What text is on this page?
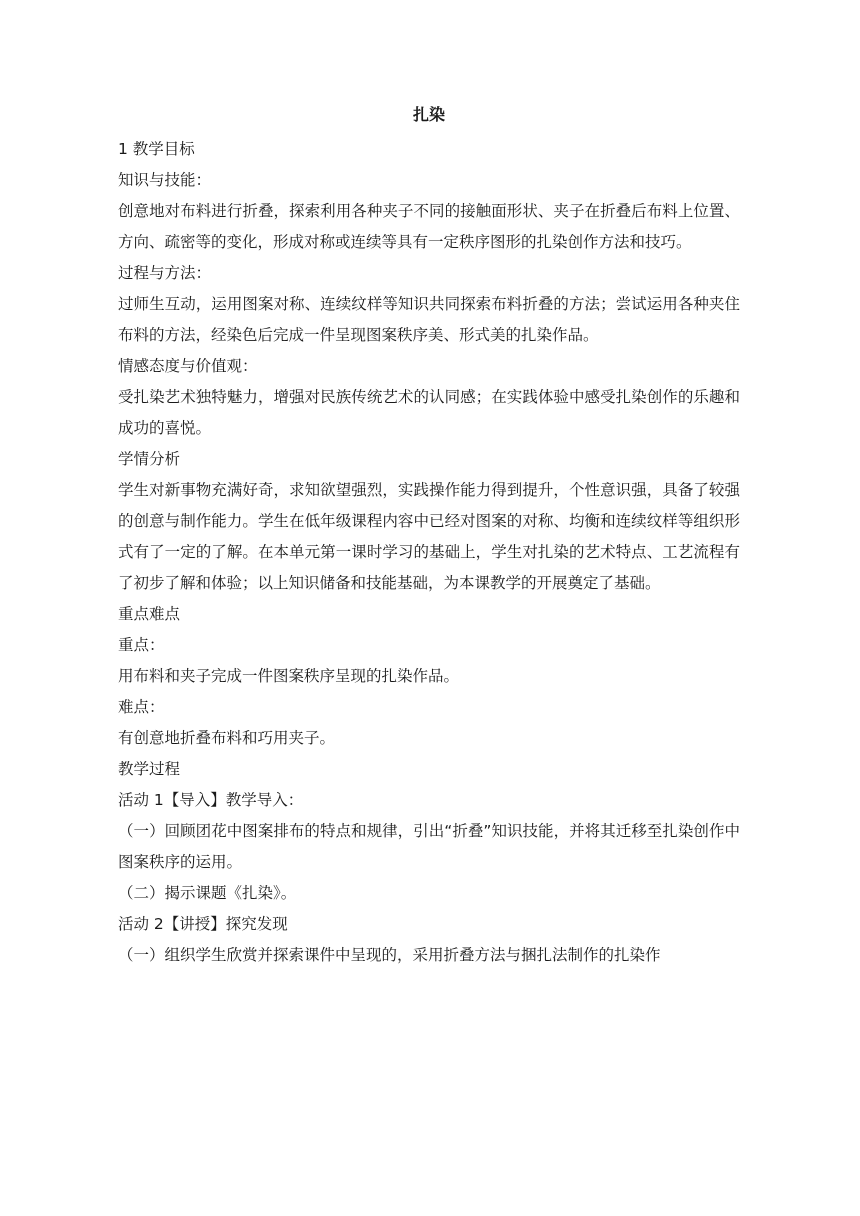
扎染

1 教学目标

知识与技能：

创意地对布料进行折叠，探索利用各种夹子不同的接触面形状、夹子在折叠后布料上位置、方向、疏密等的变化，形成对称或连续等具有一定秩序图形的扎染创作方法和技巧。

过程与方法：

过师生互动，运用图案对称、连续纹样等知识共同探索布料折叠的方法；尝试运用各种夹住布料的方法，经染色后完成一件呈现图案秩序美、形式美的扎染作品。

情感态度与价值观：

受扎染艺术独特魅力，增强对民族传统艺术的认同感；在实践体验中感受扎染创作的乐趣和成功的喜悦。

学情分析

学生对新事物充满好奇，求知欲望强烈，实践操作能力得到提升，个性意识强，具备了较强的创意与制作能力。学生在低年级课程内容中已经对图案的对称、均衡和连续纹样等组织形式有了一定的了解。在本单元第一课时学习的基础上，学生对扎染的艺术特点、工艺流程有了初步了解和体验；以上知识储备和技能基础，为本课教学的开展奠定了基础。

重点难点

重点：

用布料和夹子完成一件图案秩序呈现的扎染作品。

难点：

有创意地折叠布料和巧用夹子。

教学过程

活动 1【导入】教学导入：

（一）回顾团花中图案排布的特点和规律，引出“折叠”知识技能，并将其迁移至扎染创作中图案秩序的运用。

（二）揭示课题《扎染》。

活动 2【讲授】探究发现

（一）组织学生欣赏并探索课件中呈现的，采用折叠方法与捆扎法制作的扎染作
